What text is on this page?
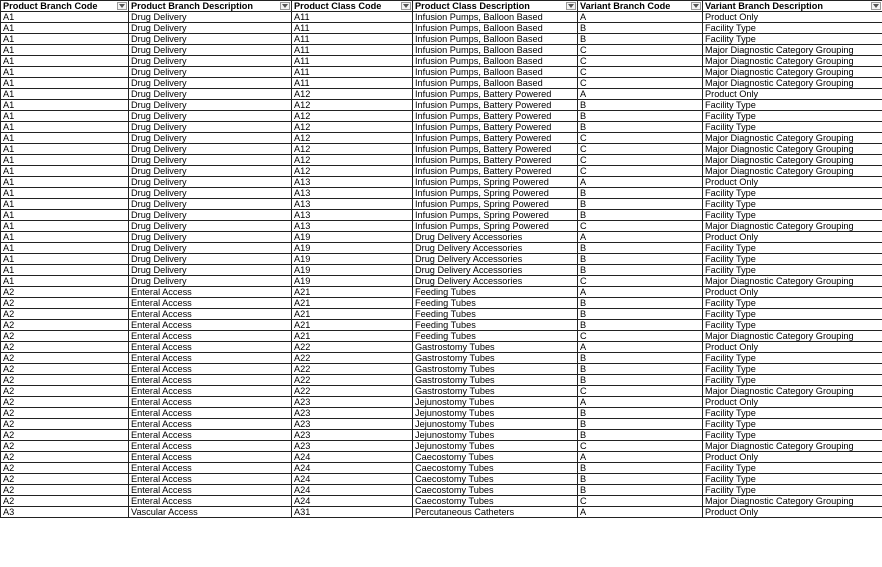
Product Branch Code	Product Branch Description	Product Class Code	Product Class Description	Variant Branch Code	Variant Branch Description

A1	Drug Delivery	A11	Infusion Pumps, Balloon Based	A	Product Only
A1	Drug Delivery	A11	Infusion Pumps, Balloon Based	B	Facility Type
A1	Drug Delivery	A11	Infusion Pumps, Balloon Based	B	Facility Type
A1	Drug Delivery	A11	Infusion Pumps, Balloon Based	C	Major Diagnostic Category Grouping
A1	Drug Delivery	A11	Infusion Pumps, Balloon Based	C	Major Diagnostic Category Grouping
A1	Drug Delivery	A11	Infusion Pumps, Balloon Based	C	Major Diagnostic Category Grouping
A1	Drug Delivery	A11	Infusion Pumps, Balloon Based	C	Major Diagnostic Category Grouping
A1	Drug Delivery	A12	Infusion Pumps, Battery Powered	A	Product Only
A1	Drug Delivery	A12	Infusion Pumps, Battery Powered	B	Facility Type
A1	Drug Delivery	A12	Infusion Pumps, Battery Powered	B	Facility Type
A1	Drug Delivery	A12	Infusion Pumps, Battery Powered	B	Facility Type
A1	Drug Delivery	A12	Infusion Pumps, Battery Powered	C	Major Diagnostic Category Grouping
A1	Drug Delivery	A12	Infusion Pumps, Battery Powered	C	Major Diagnostic Category Grouping
A1	Drug Delivery	A12	Infusion Pumps, Battery Powered	C	Major Diagnostic Category Grouping
A1	Drug Delivery	A12	Infusion Pumps, Battery Powered	C	Major Diagnostic Category Grouping
A1	Drug Delivery	A13	Infusion Pumps, Spring Powered	A	Product Only
A1	Drug Delivery	A13	Infusion Pumps, Spring Powered	B	Facility Type
A1	Drug Delivery	A13	Infusion Pumps, Spring Powered	B	Facility Type
A1	Drug Delivery	A13	Infusion Pumps, Spring Powered	B	Facility Type
A1	Drug Delivery	A13	Infusion Pumps, Spring Powered	C	Major Diagnostic Category Grouping
A1	Drug Delivery	A19	Drug Delivery Accessories	A	Product Only
A1	Drug Delivery	A19	Drug Delivery Accessories	B	Facility Type
A1	Drug Delivery	A19	Drug Delivery Accessories	B	Facility Type
A1	Drug Delivery	A19	Drug Delivery Accessories	B	Facility Type
A1	Drug Delivery	A19	Drug Delivery Accessories	C	Major Diagnostic Category Grouping
A2	Enteral Access	A21	Feeding Tubes	A	Product Only
A2	Enteral Access	A21	Feeding Tubes	B	Facility Type
A2	Enteral Access	A21	Feeding Tubes	B	Facility Type
A2	Enteral Access	A21	Feeding Tubes	B	Facility Type
A2	Enteral Access	A21	Feeding Tubes	C	Major Diagnostic Category Grouping
A2	Enteral Access	A22	Gastrostomy Tubes	A	Product Only
A2	Enteral Access	A22	Gastrostomy Tubes	B	Facility Type
A2	Enteral Access	A22	Gastrostomy Tubes	B	Facility Type
A2	Enteral Access	A22	Gastrostomy Tubes	B	Facility Type
A2	Enteral Access	A22	Gastrostomy Tubes	C	Major Diagnostic Category Grouping
A2	Enteral Access	A23	Jejunostomy Tubes	A	Product Only
A2	Enteral Access	A23	Jejunostomy Tubes	B	Facility Type
A2	Enteral Access	A23	Jejunostomy Tubes	B	Facility Type
A2	Enteral Access	A23	Jejunostomy Tubes	B	Facility Type
A2	Enteral Access	A23	Jejunostomy Tubes	C	Major Diagnostic Category Grouping
A2	Enteral Access	A24	Caecostomy Tubes	A	Product Only
A2	Enteral Access	A24	Caecostomy Tubes	B	Facility Type
A2	Enteral Access	A24	Caecostomy Tubes	B	Facility Type
A2	Enteral Access	A24	Caecostomy Tubes	B	Facility Type
A2	Enteral Access	A24	Caecostomy Tubes	C	Major Diagnostic Category Grouping
A3	Vascular Access	A31	Percutaneous Catheters	A	Product Only
